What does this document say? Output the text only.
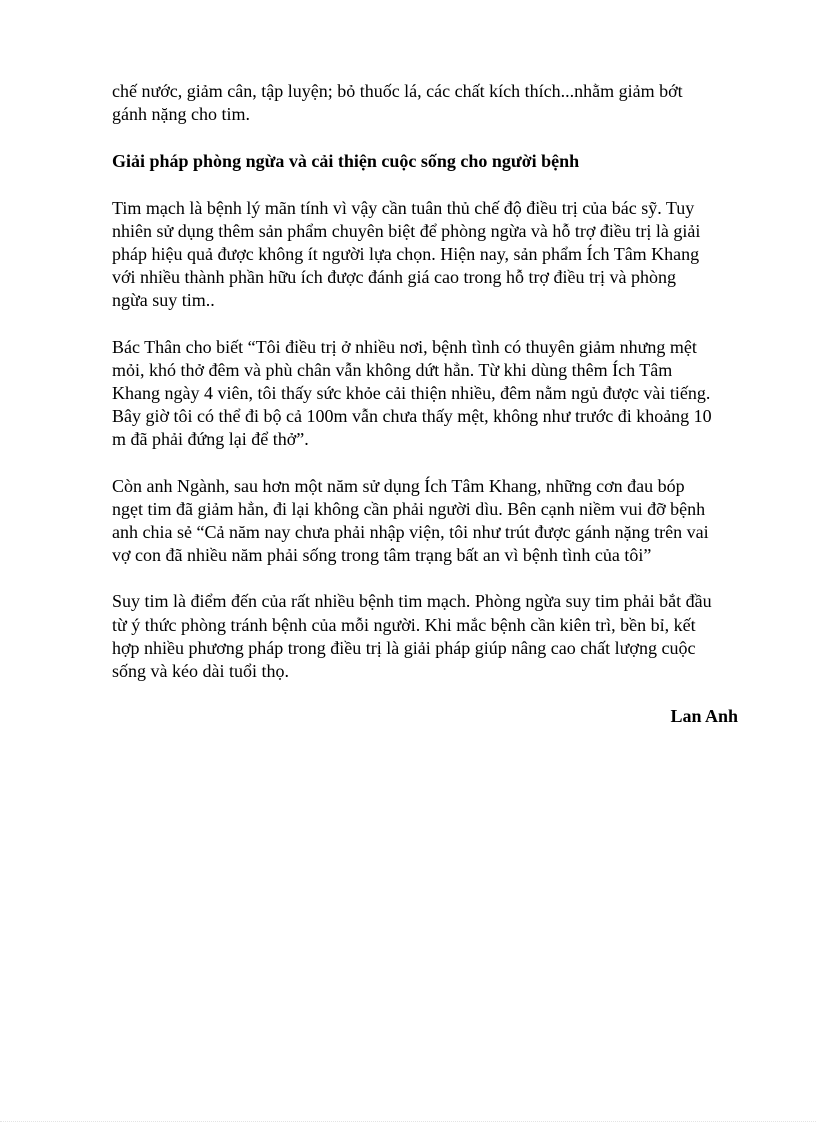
chế nước, giảm cân, tập luyện; bỏ thuốc lá, các chất kích thích...nhằm giảm bớt
gánh nặng cho tim.

Giải pháp phòng ngừa và cải thiện cuộc sống cho người bệnh

Tim mạch là bệnh lý mãn tính vì vậy cần tuân thủ chế độ điều trị của bác sỹ. Tuy
nhiên sử dụng thêm sản phẩm chuyên biệt để phòng ngừa và hỗ trợ điều trị là giải
pháp hiệu quả được không ít người lựa chọn. Hiện nay, sản phẩm Ích Tâm Khang
với nhiều thành phần hữu ích được đánh giá cao trong hỗ trợ điều trị và phòng
ngừa suy tim..

Bác Thân cho biết “Tôi điều trị ở nhiều nơi, bệnh tình có thuyên giảm nhưng mệt
mỏi, khó thở đêm và phù chân vẫn không dứt hẳn. Từ khi dùng thêm Ích Tâm
Khang ngày 4 viên, tôi thấy sức khỏe cải thiện nhiều, đêm nằm ngủ được vài tiếng.
Bây giờ tôi có thể đi bộ cả 100m vẫn chưa thấy mệt, không như trước đi khoảng 10
m đã phải đứng lại để thở”.

Còn anh Ngành, sau hơn một năm sử dụng Ích Tâm Khang, những cơn đau bóp
ngẹt tim đã giảm hẳn, đi lại không cần phải người dìu. Bên cạnh niềm vui đỡ bệnh
anh chia sẻ “Cả năm nay chưa phải nhập viện, tôi như trút được gánh nặng trên vai
vợ con đã nhiều năm phải sống trong tâm trạng bất an vì bệnh tình của tôi”

Suy tim là điểm đến của rất nhiều bệnh tim mạch. Phòng ngừa suy tim phải bắt đầu
từ ý thức phòng tránh bệnh của mỗi người. Khi mắc bệnh cần kiên trì, bền bỉ, kết
hợp nhiều phương pháp trong điều trị là giải pháp giúp nâng cao chất lượng cuộc
sống và kéo dài tuổi thọ.

Lan Anh
